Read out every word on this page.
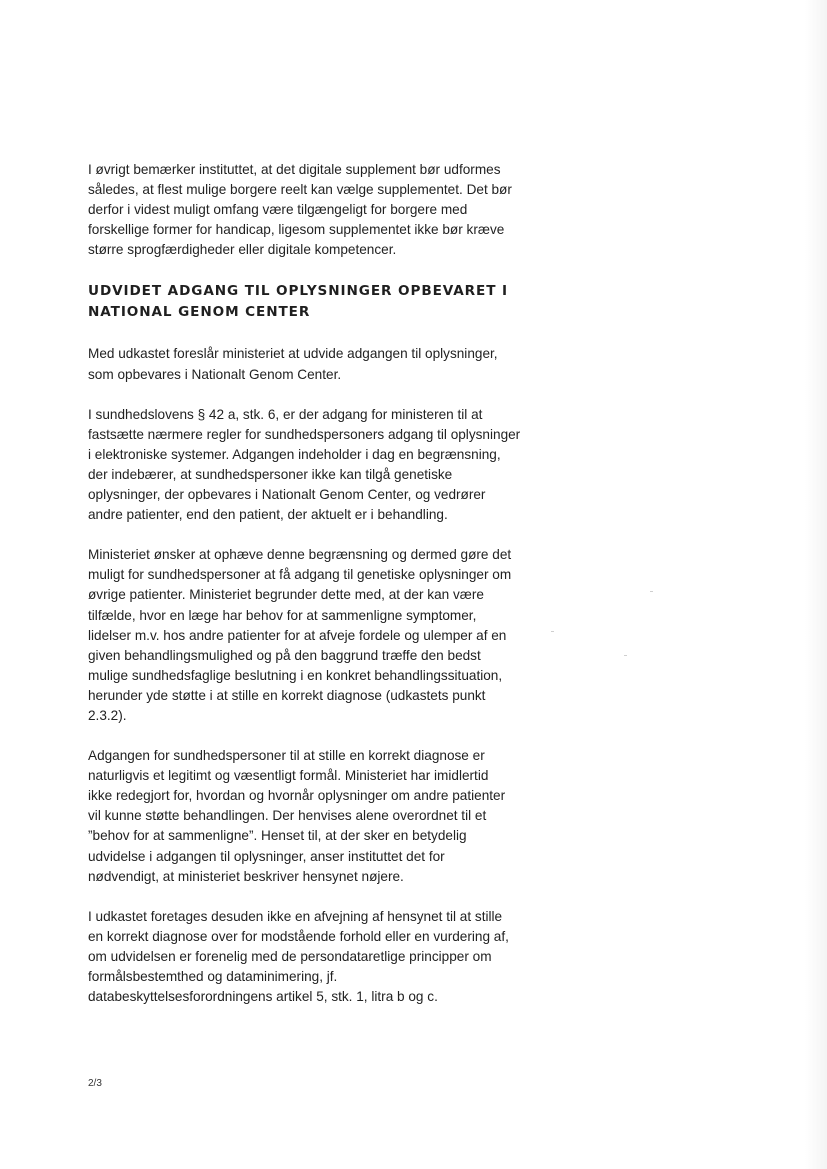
I øvrigt bemærker instituttet, at det digitale supplement bør udformes
således, at flest mulige borgere reelt kan vælge supplementet. Det bør
derfor i videst muligt omfang være tilgængeligt for borgere med
forskellige former for handicap, ligesom supplementet ikke bør kræve
større sprogfærdigheder eller digitale kompetencer.

UDVIDET ADGANG TIL OPLYSNINGER OPBEVARET I
NATIONAL GENOM CENTER

Med udkastet foreslår ministeriet at udvide adgangen til oplysninger,
som opbevares i Nationalt Genom Center.

I sundhedslovens § 42 a, stk. 6, er der adgang for ministeren til at
fastsætte nærmere regler for sundhedspersoners adgang til oplysninger
i elektroniske systemer. Adgangen indeholder i dag en begrænsning,
der indebærer, at sundhedspersoner ikke kan tilgå genetiske
oplysninger, der opbevares i Nationalt Genom Center, og vedrører
andre patienter, end den patient, der aktuelt er i behandling.

Ministeriet ønsker at ophæve denne begrænsning og dermed gøre det
muligt for sundhedspersoner at få adgang til genetiske oplysninger om
øvrige patienter. Ministeriet begrunder dette med, at der kan være
tilfælde, hvor en læge har behov for at sammenligne symptomer,
lidelser m.v. hos andre patienter for at afveje fordele og ulemper af en
given behandlingsmulighed og på den baggrund træffe den bedst
mulige sundhedsfaglige beslutning i en konkret behandlingssituation,
herunder yde støtte i at stille en korrekt diagnose (udkastets punkt
2.3.2).

Adgangen for sundhedspersoner til at stille en korrekt diagnose er
naturligvis et legitimt og væsentligt formål. Ministeriet har imidlertid
ikke redegjort for, hvordan og hvornår oplysninger om andre patienter
vil kunne støtte behandlingen. Der henvises alene overordnet til et
”behov for at sammenligne”. Henset til, at der sker en betydelig
udvidelse i adgangen til oplysninger, anser instituttet det for
nødvendigt, at ministeriet beskriver hensynet nøjere.

I udkastet foretages desuden ikke en afvejning af hensynet til at stille
en korrekt diagnose over for modstående forhold eller en vurdering af,
om udvidelsen er forenelig med de persondataretlige principper om
formålsbestemthed og dataminimering, jf.
databeskyttelsesforordningens artikel 5, stk. 1, litra b og c.

2/3
